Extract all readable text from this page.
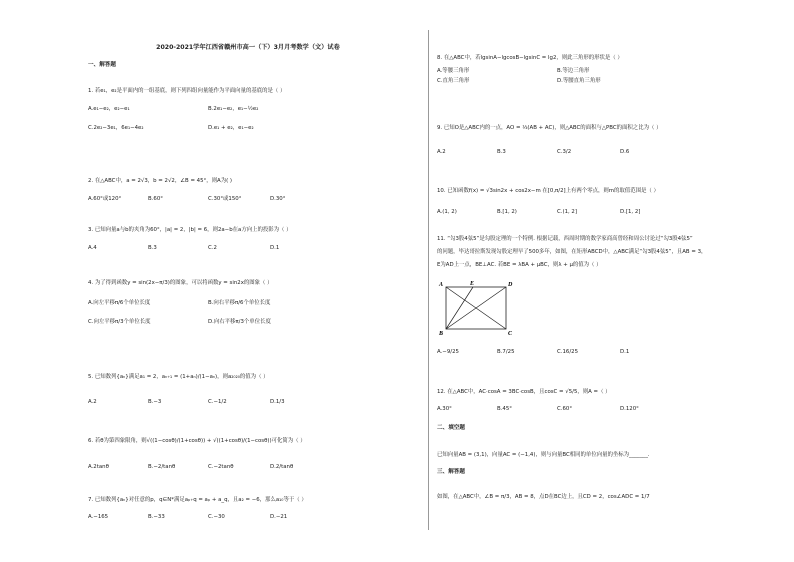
2020-2021学年江西省赣州市高一（下）3月月考数学（文）试卷
一、解答题
1. 若e₁，e₂是平面内的一组基底，则下列四组向量能作为平面向量的基底的是（ ）
A.e₁−e₂，e₂−e₁	B.2e₁−e₂，e₁−½e₂
C.2e₂−3e₁，6e₁−4e₂	D.e₁ + e₂，e₁−e₂
2. 在△ABC中，a = 2√3，b = 2√2，∠B = 45°，则A为( )
A.60°或120°	B.60°	C.30°或150°	D.30°
3. 已知向量a与b的夹角为60°，|a| = 2，|b| = 6，则2a−b在a方向上的投影为（ ）
A.4	B.3	C.2	D.1
4. 为了得到函数y = sin(2x−π/3)的图象，可以将函数y = sin2x的图象（ ）
A.向左平移π/6个单位长度	B.向右平移π/6个单位长度
C.向左平移π/3个单位长度	D.向右平移π/3个单位长度
5. 已知数列{aₙ}满足a₁ = 2，aₙ₊₁ = (1+aₙ)/(1−aₙ)，则a₂₀₂₀的值为（ ）
A.2	B.−3	C.−1/2	D.1/3
6. 若θ为第四象限角，则√((1−cosθ)/(1+cosθ)) + √((1+cosθ)/(1−cosθ))可化简为（ ）
A.2tanθ	B.−2/tanθ	C.−2tanθ	D.2/tanθ
7. 已知数列{aₙ}对任意的p，q∈N*满足aₚ₊q = aₚ + a_q，且a₂ = −6，那么a₁₀等于（ ）
A.−165	B.−33	C.−30	D.−21
8. 在△ABC中，若lgsinA−lgcosB−lgsinC = lg2，则此三角形的形状是（ ）
A.等腰三角形	B.等边三角形
C.直角三角形	D.等腰直角三角形
9. 已知O是△ABC内的一点，AO = ⅓(AB + AC)，则△ABC的面积与△PBC的面积之比为（ ）
A.2	B.3	C.3/2	D.6
10. 已知函数f(x) = √3sin2x + cos2x−m 在[0,π/2]上有两个零点，则m的取值范围是（ ）
A.(1, 2)	B.[1, 2)	C.(1, 2]	D.[1, 2]
11. “勾3股4弦5”是勾股定理的一个特例. 根据记载，西周时期的数学家商高曾经和周公讨论过“勾3股4弦5”
的问题，毕达哥拉斯发现勾股定理早了500多年，如图，在矩形ABCD中，△ABC满足“勾3股4弦5”，且AB = 3，
E为AD上一点，BE⊥AC. 若BE = λBA + μBC，则λ + μ的值为（ ）
A	E	D
B	C
A.−9/25	B.7/25	C.16/25	D.1
12. 在△ABC中，AC·cosA = 3BC·cosB，且cosC = √5/5，则A =（ ）
A.30°	B.45°	C.60°	D.120°
二、填空题
已知向量AB = (3,1)，向量AC = (−1,4)，则与向量BC相同的单位向量的坐标为_______.
三、解答题
如图，在△ABC中，∠B = π/3，AB = 8，点D在BC边上，且CD = 2，cos∠ADC = 1/7
